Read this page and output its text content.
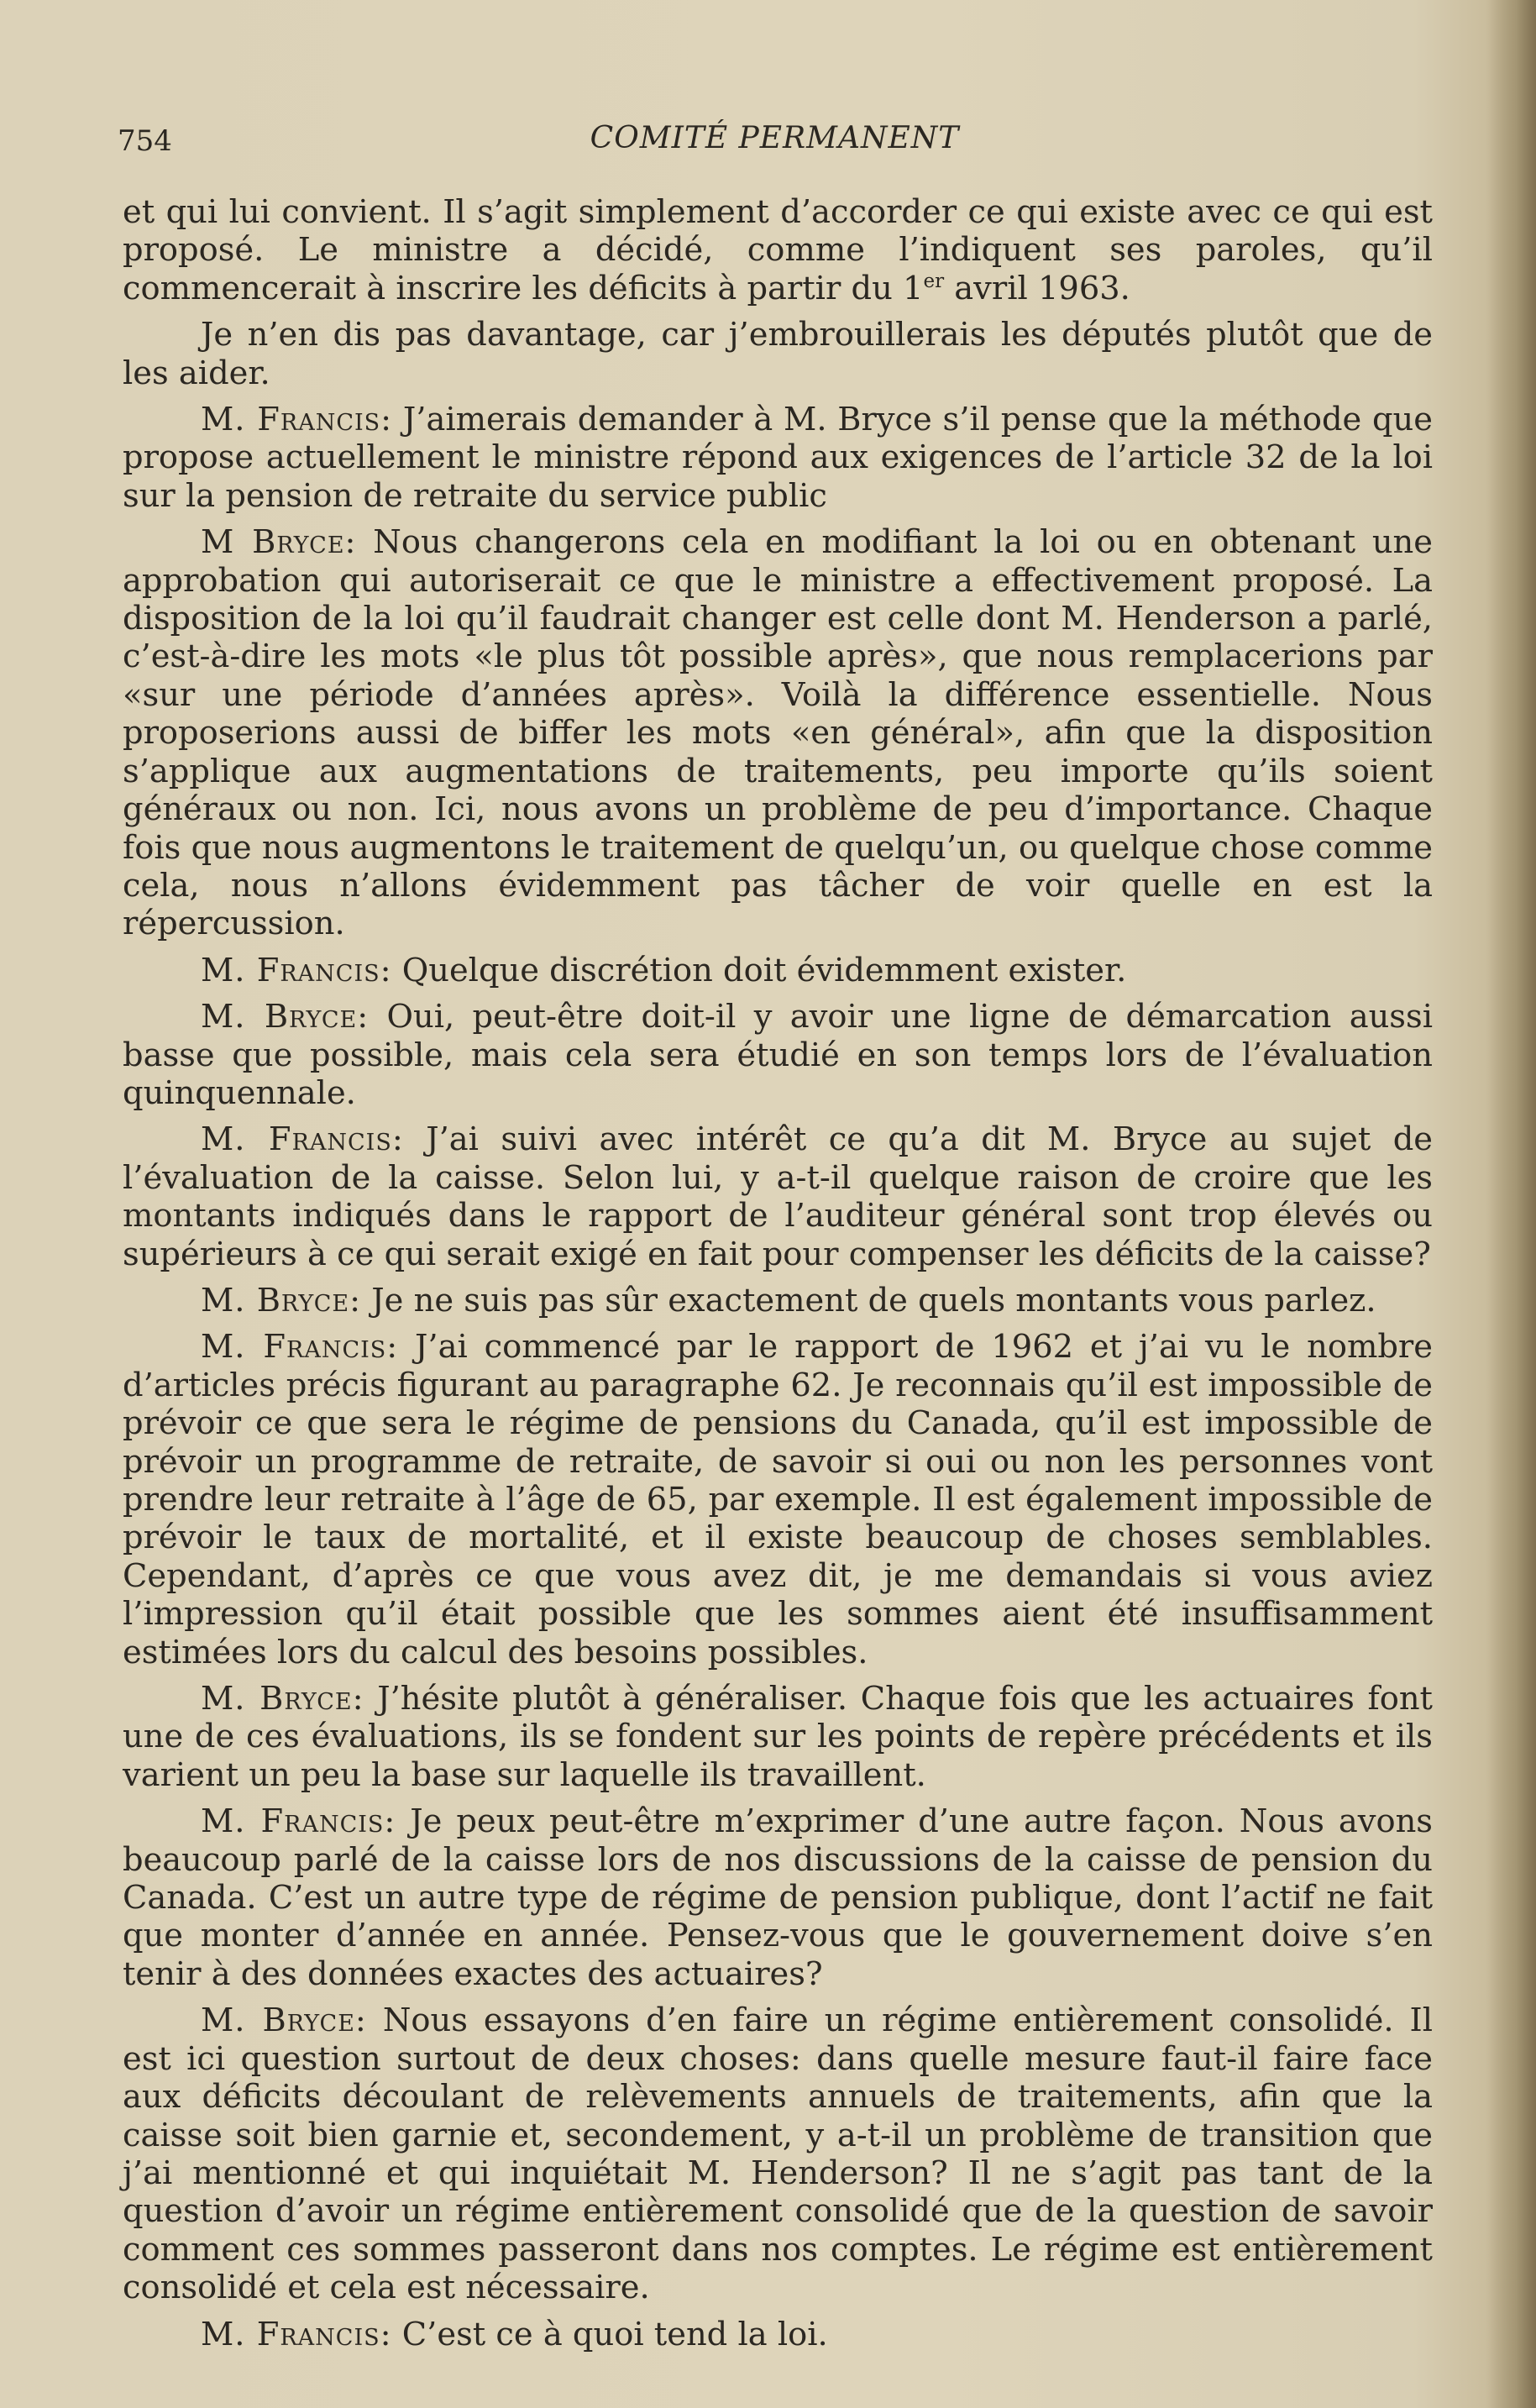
754	COMITÉ PERMANENT

et qui lui convient. Il s’agit simplement d’accorder ce qui existe avec ce qui est proposé. Le ministre a décidé, comme l’indiquent ses paroles, qu’il commencerait à inscrire les déficits à partir du 1er avril 1963.

Je n’en dis pas davantage, car j’embrouillerais les députés plutôt que de les aider.

M. Francis: J’aimerais demander à M. Bryce s’il pense que la méthode que propose actuellement le ministre répond aux exigences de l’article 32 de la loi sur la pension de retraite du service public

M Bryce: Nous changerons cela en modifiant la loi ou en obtenant une approbation qui autoriserait ce que le ministre a effectivement proposé. La disposition de la loi qu’il faudrait changer est celle dont M. Henderson a parlé, c’est-à-dire les mots «le plus tôt possible après», que nous remplacerions par «sur une période d’années après». Voilà la différence essentielle. Nous proposerions aussi de biffer les mots «en général», afin que la disposition s’applique aux augmentations de traitements, peu importe qu’ils soient généraux ou non. Ici, nous avons un problème de peu d’importance. Chaque fois que nous augmentons le traitement de quelqu’un, ou quelque chose comme cela, nous n’allons évidemment pas tâcher de voir quelle en est la répercussion.

M. Francis: Quelque discrétion doit évidemment exister.

M. Bryce: Oui, peut-être doit-il y avoir une ligne de démarcation aussi basse que possible, mais cela sera étudié en son temps lors de l’évaluation quinquennale.

M. Francis: J’ai suivi avec intérêt ce qu’a dit M. Bryce au sujet de l’évaluation de la caisse. Selon lui, y a-t-il quelque raison de croire que les montants indiqués dans le rapport de l’auditeur général sont trop élevés ou supérieurs à ce qui serait exigé en fait pour compenser les déficits de la caisse?

M. Bryce: Je ne suis pas sûr exactement de quels montants vous parlez.

M. Francis: J’ai commencé par le rapport de 1962 et j’ai vu le nombre d’articles précis figurant au paragraphe 62. Je reconnais qu’il est impossible de prévoir ce que sera le régime de pensions du Canada, qu’il est impossible de prévoir un programme de retraite, de savoir si oui ou non les personnes vont prendre leur retraite à l’âge de 65, par exemple. Il est également impossible de prévoir le taux de mortalité, et il existe beaucoup de choses semblables. Cependant, d’après ce que vous avez dit, je me demandais si vous aviez l’impression qu’il était possible que les sommes aient été insuffisamment estimées lors du calcul des besoins possibles.

M. Bryce: J’hésite plutôt à généraliser. Chaque fois que les actuaires font une de ces évaluations, ils se fondent sur les points de repère précédents et ils varient un peu la base sur laquelle ils travaillent.

M. Francis: Je peux peut-être m’exprimer d’une autre façon. Nous avons beaucoup parlé de la caisse lors de nos discussions de la caisse de pension du Canada. C’est un autre type de régime de pension publique, dont l’actif ne fait que monter d’année en année. Pensez-vous que le gouvernement doive s’en tenir à des données exactes des actuaires?

M. Bryce: Nous essayons d’en faire un régime entièrement consolidé. Il est ici question surtout de deux choses: dans quelle mesure faut-il faire face aux déficits découlant de relèvements annuels de traitements, afin que la caisse soit bien garnie et, secondement, y a-t-il un problème de transition que j’ai mentionné et qui inquiétait M. Henderson? Il ne s’agit pas tant de la question d’avoir un régime entièrement consolidé que de la question de savoir comment ces sommes passeront dans nos comptes. Le régime est entièrement consolidé et cela est nécessaire.

M. Francis: C’est ce à quoi tend la loi.
